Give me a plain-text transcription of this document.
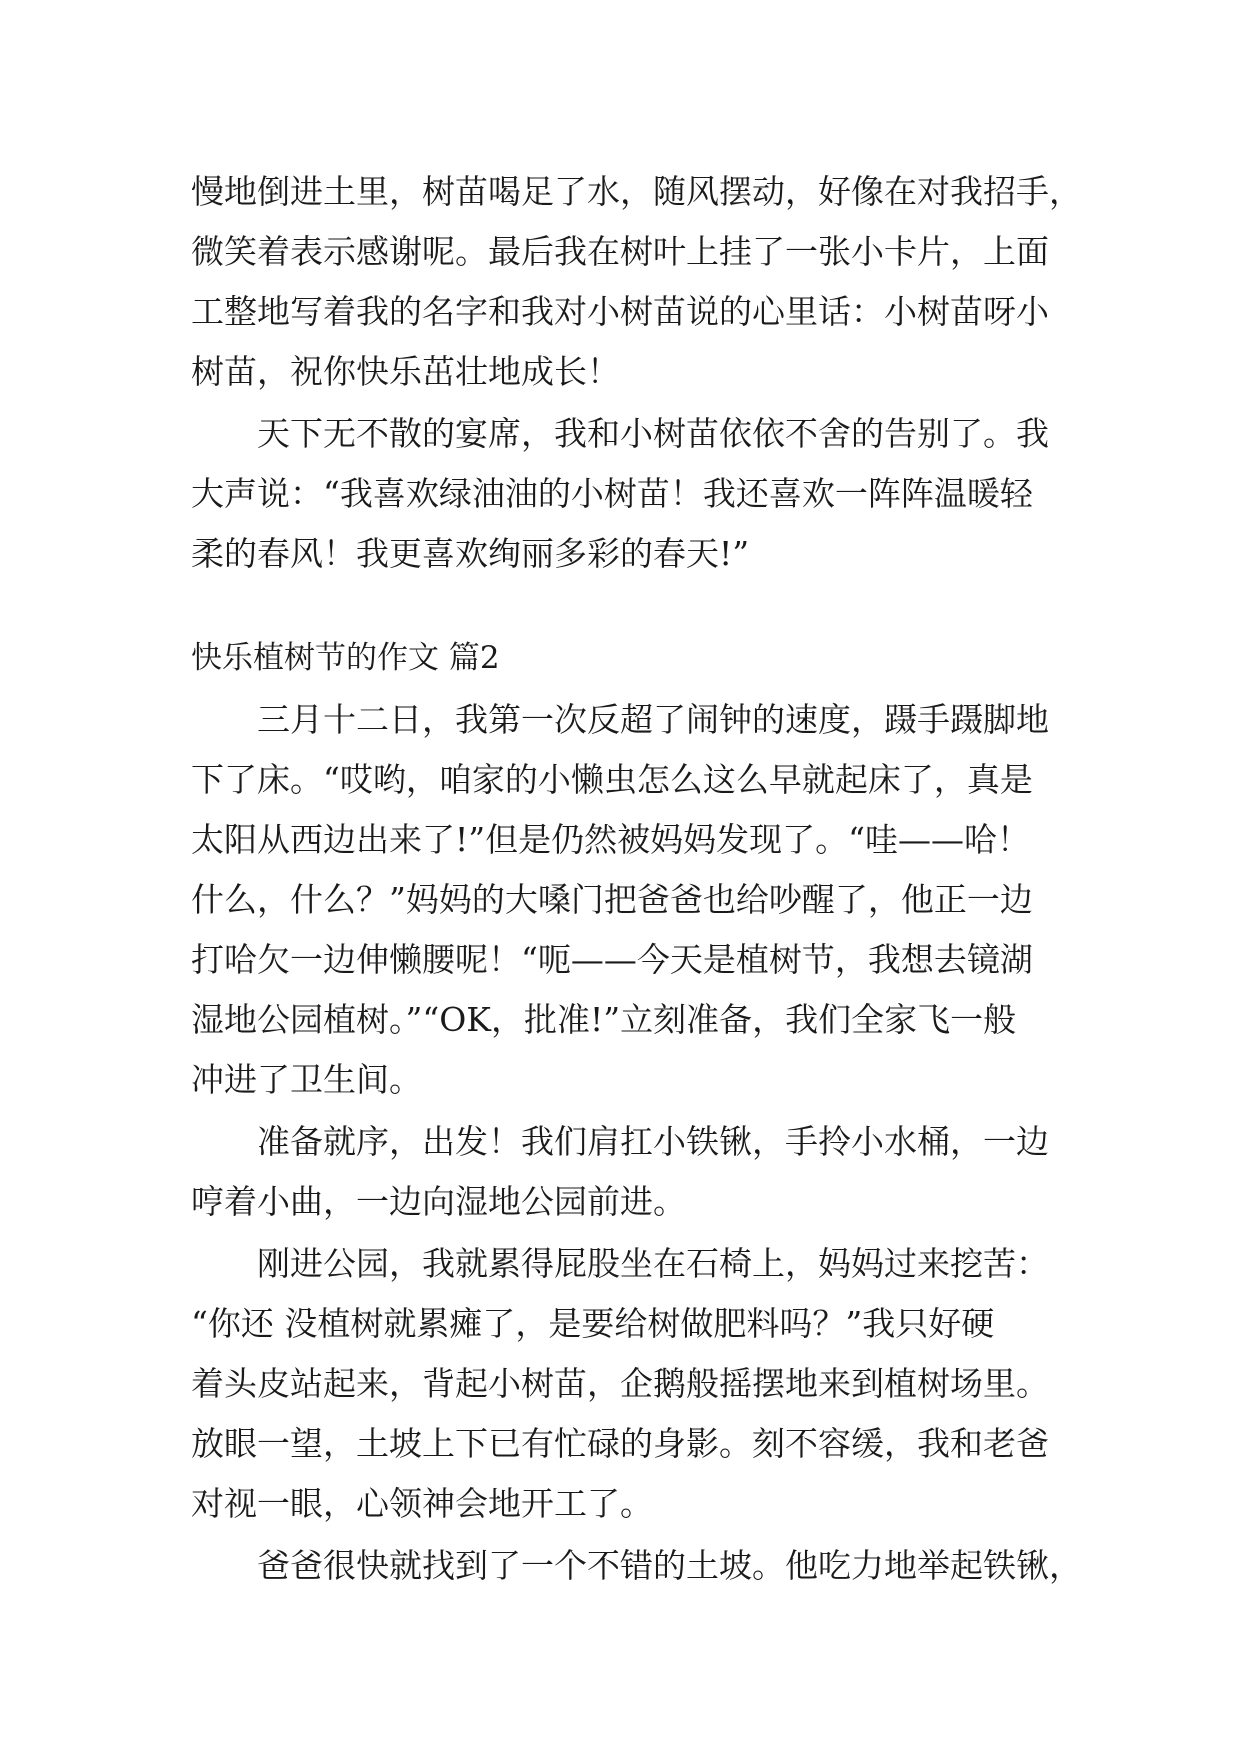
慢地倒进土里，树苗喝足了水，随风摆动，好像在对我招手，
微笑着表示感谢呢。最后我在树叶上挂了一张小卡片，上面
工整地写着我的名字和我对小树苗说的心里话：小树苗呀小
树苗，祝你快乐茁壮地成长！
天下无不散的宴席，我和小树苗依依不舍的告别了。我
大声说：“我喜欢绿油油的小树苗！我还喜欢一阵阵温暖轻
柔的春风！我更喜欢绚丽多彩的春天!”
快乐植树节的作文 篇2
三月十二日，我第一次反超了闹钟的速度，蹑手蹑脚地
下了床。“哎哟，咱家的小懒虫怎么这么早就起床了，真是
太阳从西边出来了!”但是仍然被妈妈发现了。“哇——哈！
什么，什么？”妈妈的大嗓门把爸爸也给吵醒了，他正一边
打哈欠一边伸懒腰呢！“呃——今天是植树节，我想去镜湖
湿地公园植树。”“OK，批准!”立刻准备，我们全家飞一般
冲进了卫生间。
准备就序，出发！我们肩扛小铁锹，手拎小水桶，一边
哼着小曲，一边向湿地公园前进。
刚进公园，我就累得屁股坐在石椅上，妈妈过来挖苦：
“你还 没植树就累瘫了，是要给树做肥料吗？”我只好硬
着头皮站起来，背起小树苗，企鹅般摇摆地来到植树场里。
放眼一望，土坡上下已有忙碌的身影。刻不容缓，我和老爸
对视一眼，心领神会地开工了。
爸爸很快就找到了一个不错的土坡。他吃力地举起铁锹，
